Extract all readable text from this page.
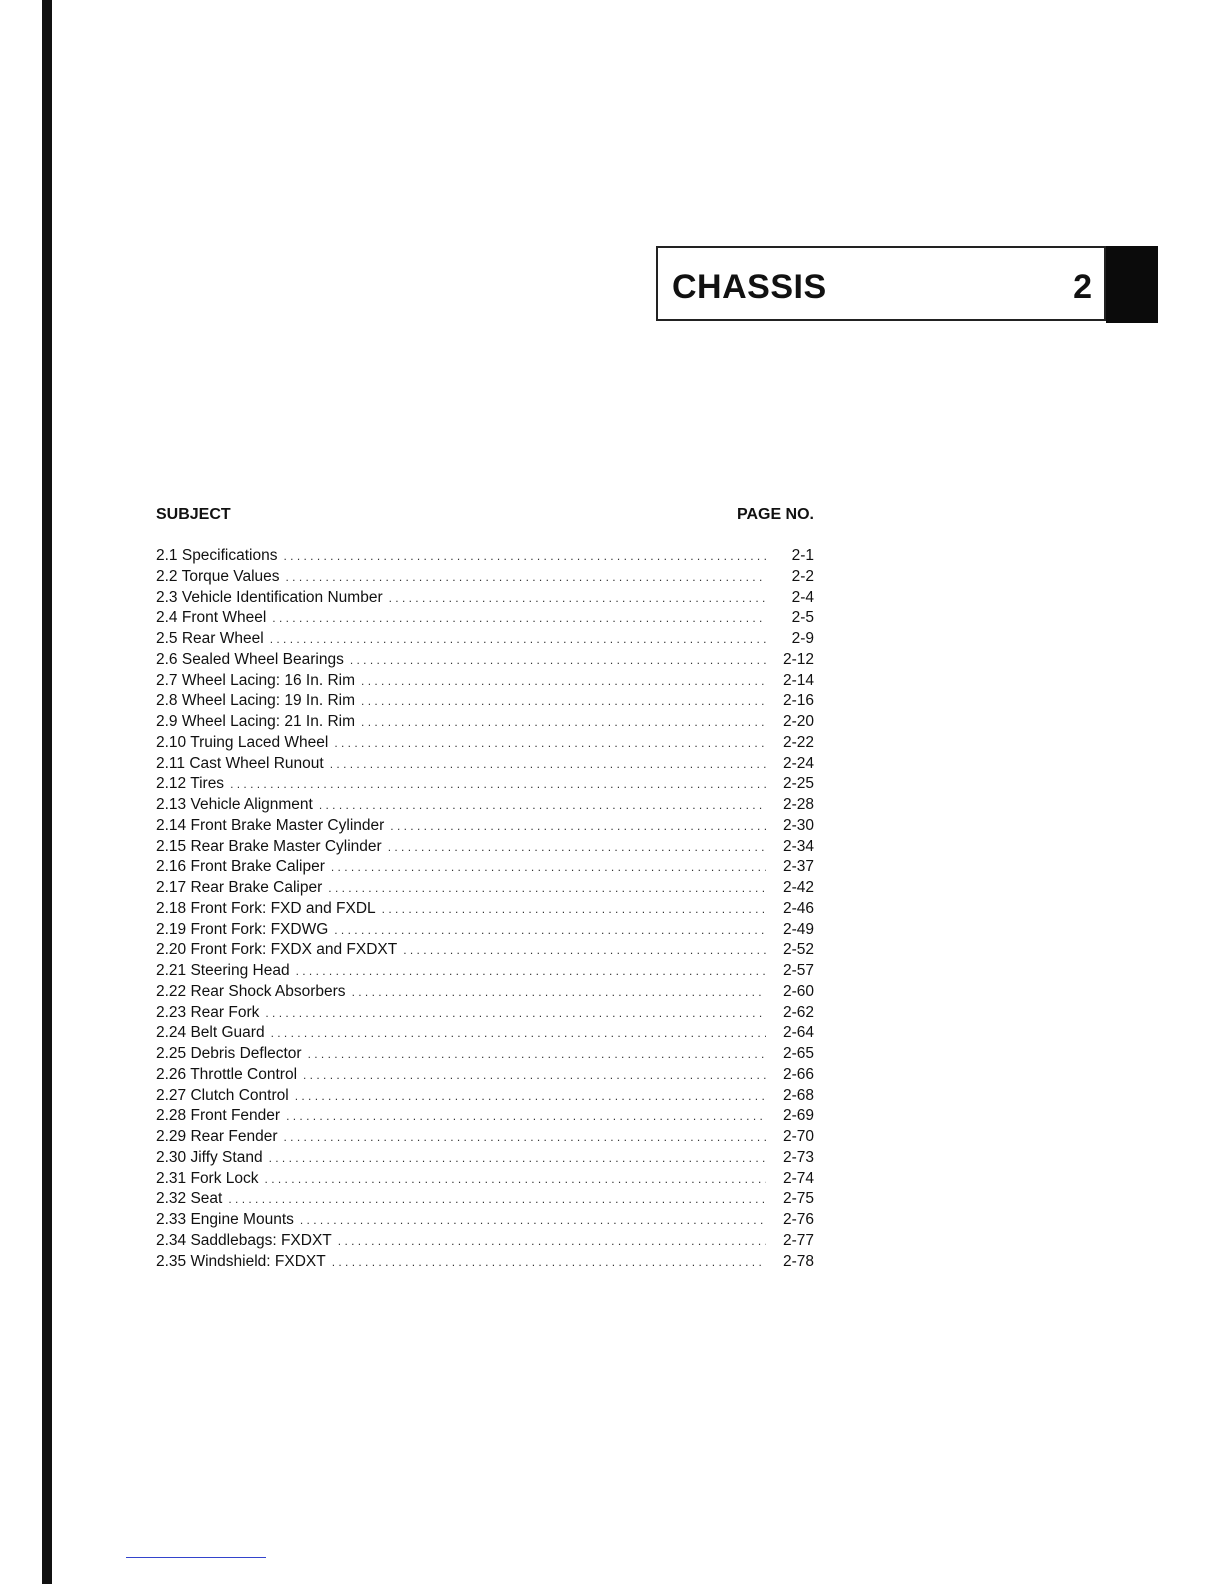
CHASSIS	2
SUBJECT	PAGE NO.
2.1 Specifications . . .	2-1
2.2 Torque Values . . .	2-2
2.3 Vehicle Identification Number . . .	2-4
2.4 Front Wheel . . .	2-5
2.5 Rear Wheel . . .	2-9
2.6 Sealed Wheel Bearings . . .	2-12
2.7 Wheel Lacing: 16 In. Rim . . .	2-14
2.8 Wheel Lacing: 19 In. Rim . . .	2-16
2.9 Wheel Lacing: 21 In. Rim . . .	2-20
2.10 Truing Laced Wheel . . .	2-22
2.11 Cast Wheel Runout . . .	2-24
2.12 Tires . . .	2-25
2.13 Vehicle Alignment . . .	2-28
2.14 Front Brake Master Cylinder . . .	2-30
2.15 Rear Brake Master Cylinder . . .	2-34
2.16 Front Brake Caliper . . .	2-37
2.17 Rear Brake Caliper . . .	2-42
2.18 Front Fork: FXD and FXDL . . .	2-46
2.19 Front Fork: FXDWG . . .	2-49
2.20 Front Fork: FXDX and FXDXT . . .	2-52
2.21 Steering Head . . .	2-57
2.22 Rear Shock Absorbers . . .	2-60
2.23 Rear Fork . . .	2-62
2.24 Belt Guard . . .	2-64
2.25 Debris Deflector . . .	2-65
2.26 Throttle Control . . .	2-66
2.27 Clutch Control . . .	2-68
2.28 Front Fender . . .	2-69
2.29 Rear Fender . . .	2-70
2.30 Jiffy Stand . . .	2-73
2.31 Fork Lock . . .	2-74
2.32 Seat . . .	2-75
2.33 Engine Mounts . . .	2-76
2.34 Saddlebags: FXDXT . . .	2-77
2.35 Windshield: FXDXT . . .	2-78
